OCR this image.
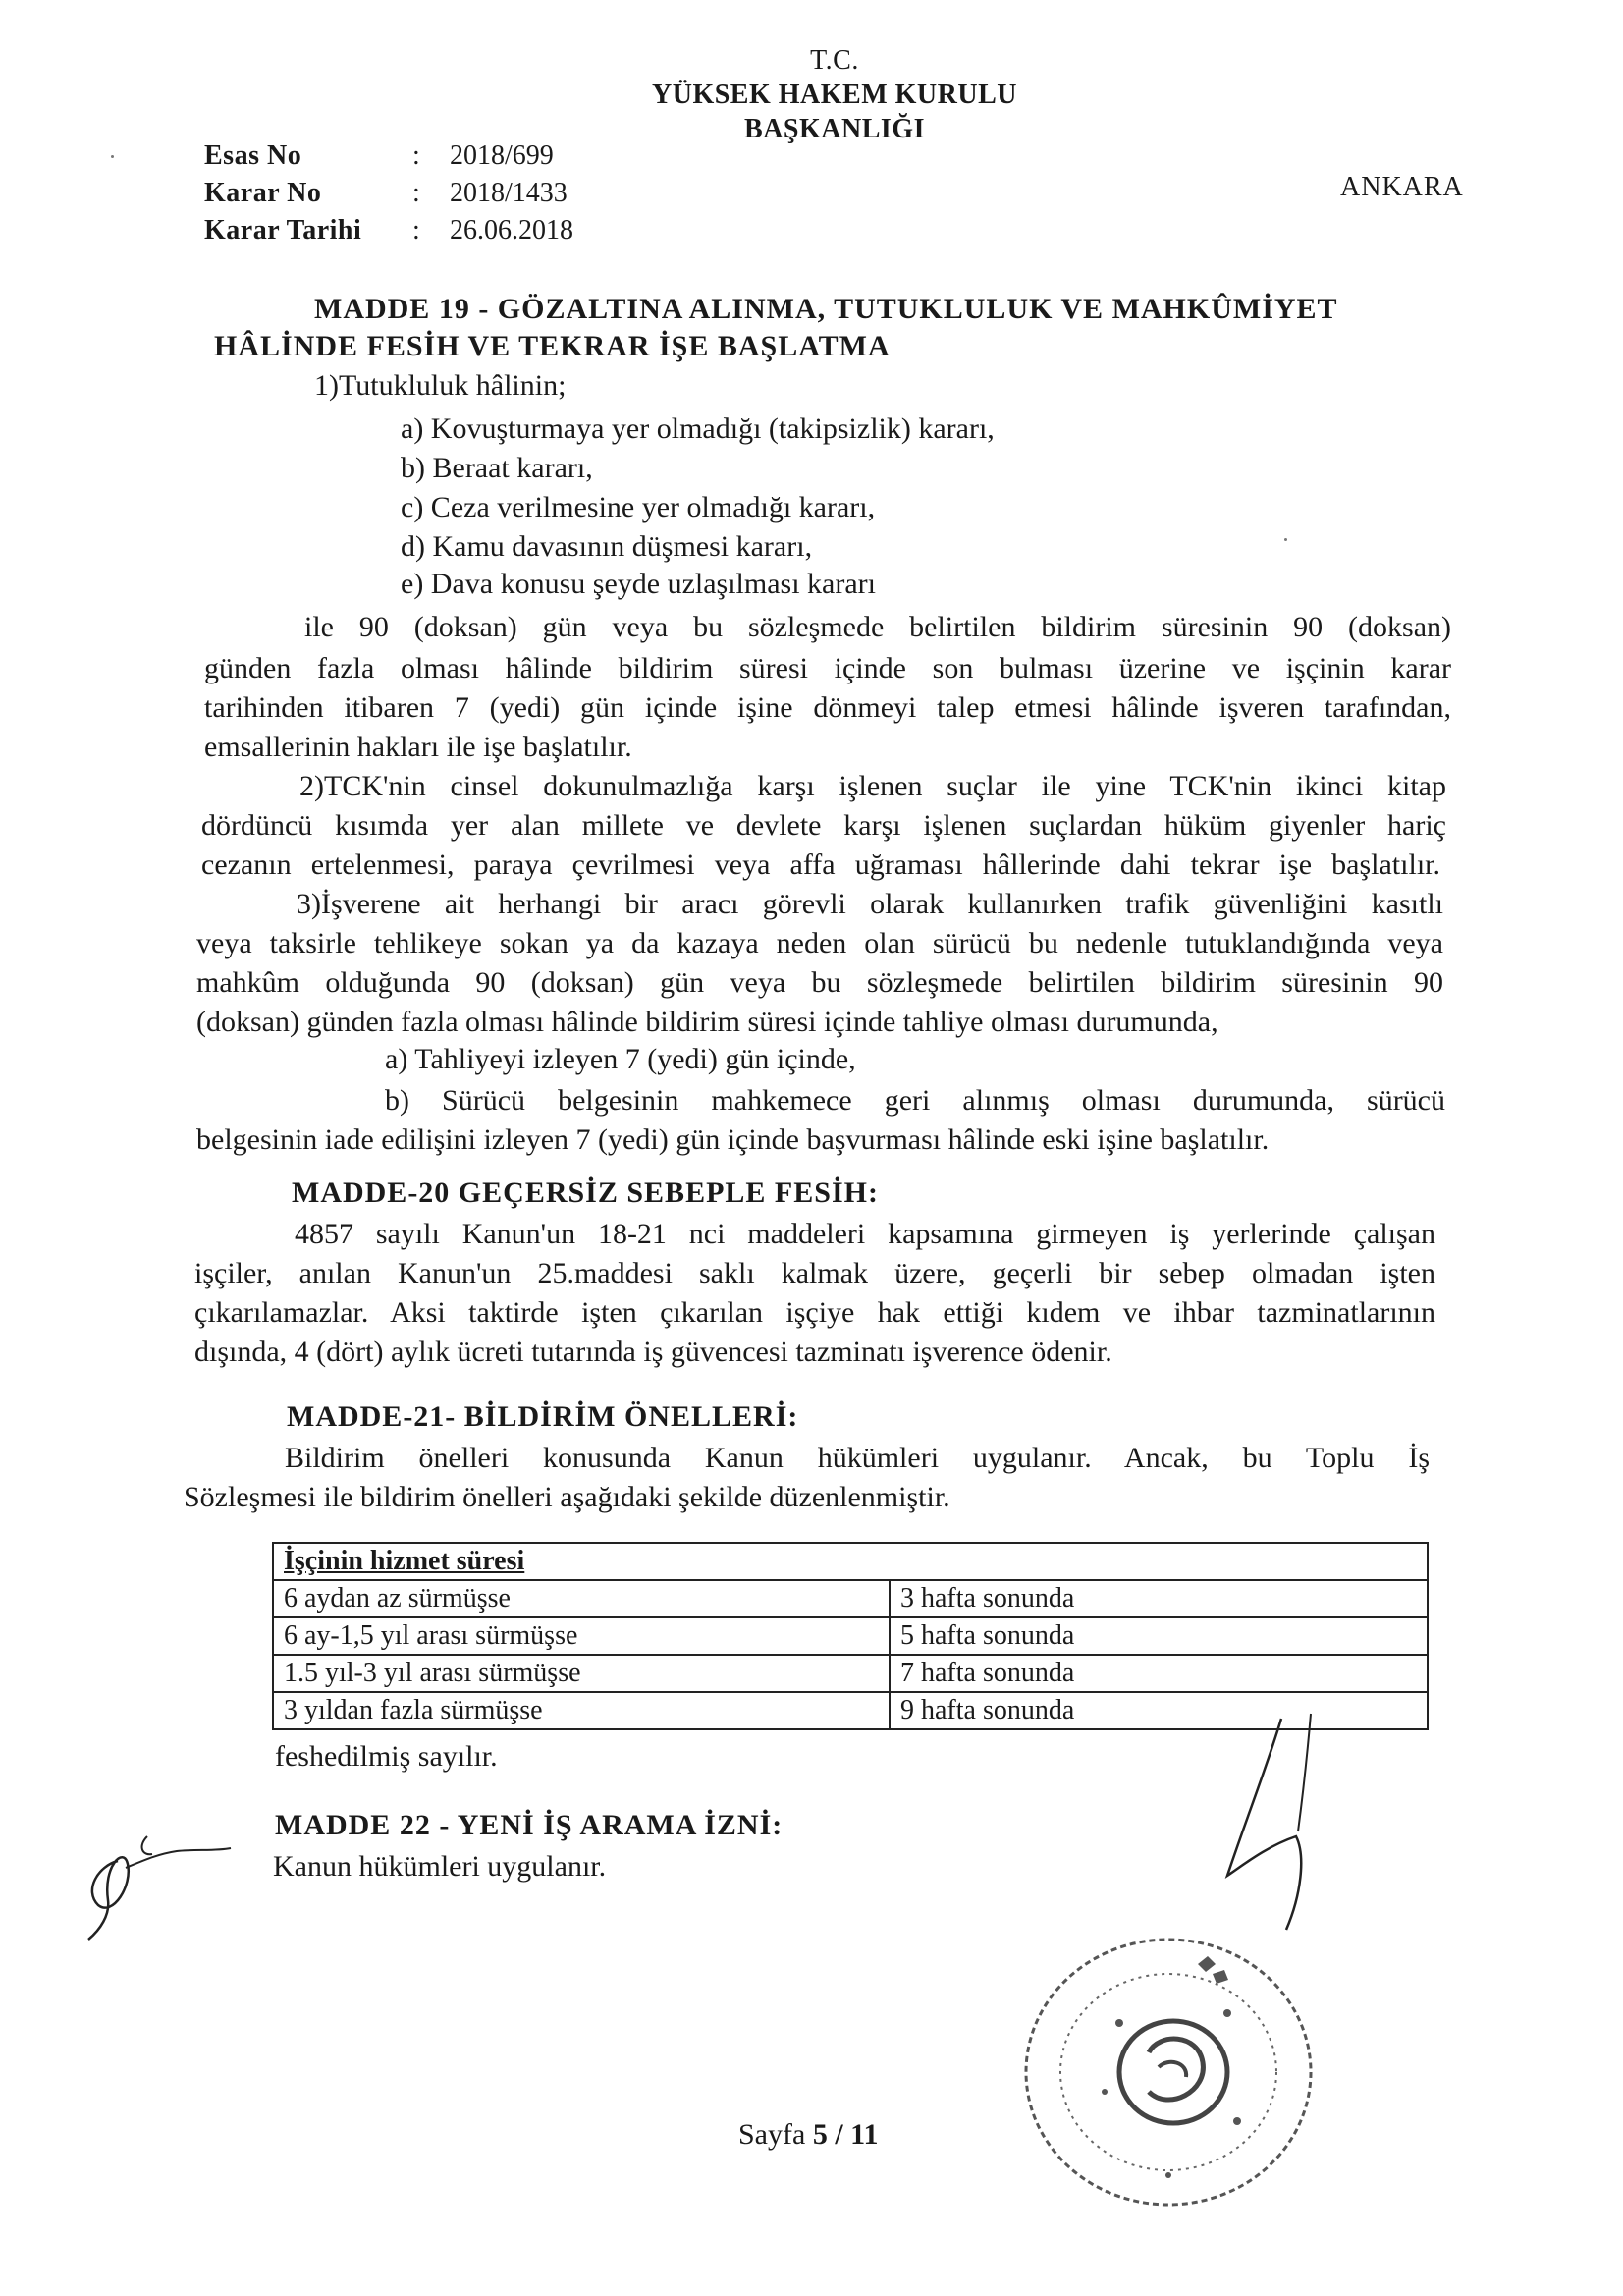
T.C.
YÜKSEK HAKEM KURULU
BAŞKANLIĞI
Esas No	:	2018/699
Karar No	:	2018/1433
Karar Tarihi	:	26.06.2018
ANKARA
MADDE 19 - GÖZALTINA ALINMA, TUTUKLULUK VE MAHKÛMİYET
HÂLİNDE FESİH VE TEKRAR İŞE BAŞLATMA
1)Tutukluluk hâlinin;
a) Kovuşturmaya yer olmadığı (takipsizlik) kararı,
b) Beraat kararı,
c) Ceza verilmesine yer olmadığı kararı,
d) Kamu davasının düşmesi kararı,
e) Dava konusu şeyde uzlaşılması kararı
ile 90 (doksan) gün veya bu sözleşmede belirtilen bildirim süresinin 90 (doksan)
günden fazla olması hâlinde bildirim süresi içinde son bulması üzerine ve işçinin karar
tarihinden itibaren 7 (yedi) gün içinde işine dönmeyi talep etmesi hâlinde işveren tarafından,
emsallerinin hakları ile işe başlatılır.
2)TCK'nin cinsel dokunulmazlığa karşı işlenen suçlar ile yine TCK'nin ikinci kitap
dördüncü kısımda yer alan millete ve devlete karşı işlenen suçlardan hüküm giyenler hariç
cezanın ertelenmesi, paraya çevrilmesi veya affa uğraması hâllerinde dahi tekrar işe başlatılır.
3)İşverene ait herhangi bir aracı görevli olarak kullanırken trafik güvenliğini kasıtlı
veya taksirle tehlikeye sokan ya da kazaya neden olan sürücü bu nedenle tutuklandığında veya
mahkûm olduğunda 90 (doksan) gün veya bu sözleşmede belirtilen bildirim süresinin 90
(doksan) günden fazla olması hâlinde bildirim süresi içinde tahliye olması durumunda,
a) Tahliyeyi izleyen 7 (yedi) gün içinde,
b) Sürücü belgesinin mahkemece geri alınmış olması durumunda, sürücü
belgesinin iade edilişini izleyen 7 (yedi) gün içinde başvurması hâlinde eski işine başlatılır.
MADDE-20 GEÇERSİZ SEBEPLE FESİH:
4857 sayılı Kanun'un 18-21 nci maddeleri kapsamına girmeyen iş yerlerinde çalışan
işçiler, anılan Kanun'un 25.maddesi saklı kalmak üzere, geçerli bir sebep olmadan işten
çıkarılamazlar. Aksi taktirde işten çıkarılan işçiye hak ettiği kıdem ve ihbar tazminatlarının
dışında, 4 (dört) aylık ücreti tutarında iş güvencesi tazminatı işverence ödenir.
MADDE-21- BİLDİRİM ÖNELLERİ:
Bildirim önelleri konusunda Kanun hükümleri uygulanır. Ancak, bu Toplu İş
Sözleşmesi ile bildirim önelleri aşağıdaki şekilde düzenlenmiştir.
İşçinin hizmet süresi	
6 aydan az sürmüşse	3 hafta sonunda
6 ay-1,5 yıl arası sürmüşse	5 hafta sonunda
1.5 yıl-3 yıl arası sürmüşse	7 hafta sonunda
3 yıldan fazla sürmüşse	9 hafta sonunda
feshedilmiş sayılır.
MADDE 22 - YENİ İŞ ARAMA İZNİ:
Kanun hükümleri uygulanır.
Sayfa 5 / 11
